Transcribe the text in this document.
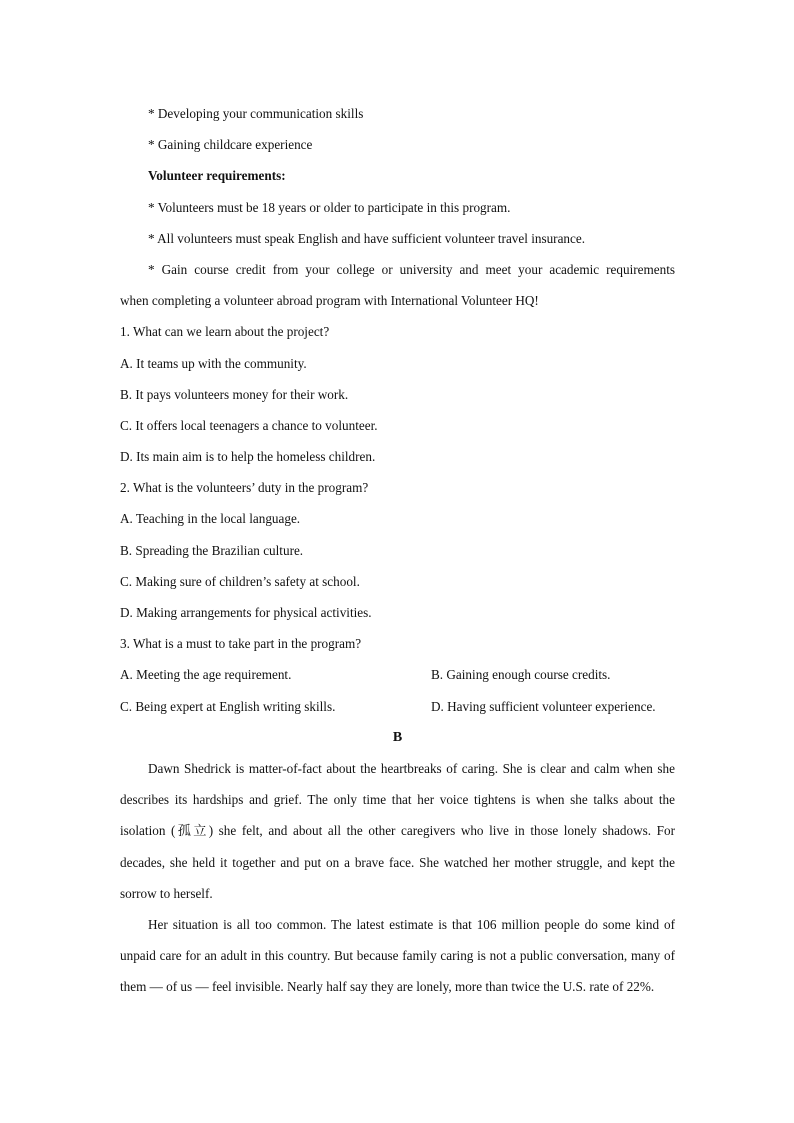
* Developing your communication skills
* Gaining childcare experience
Volunteer requirements:
* Volunteers must be 18 years or older to participate in this program.
* All volunteers must speak English and have sufficient volunteer travel insurance.
* Gain course credit from your college or university and meet your academic requirements
when completing a volunteer abroad program with International Volunteer HQ!
1. What can we learn about the project?
A. It teams up with the community.
B. It pays volunteers money for their work.
C. It offers local teenagers a chance to volunteer.
D. Its main aim is to help the homeless children.
2. What is the volunteers’ duty in the program?
A. Teaching in the local language.
B. Spreading the Brazilian culture.
C. Making sure of children’s safety at school.
D. Making arrangements for physical activities.
3. What is a must to take part in the program?
A. Meeting the age requirement.	B. Gaining enough course credits.
C. Being expert at English writing skills.	D. Having sufficient volunteer experience.
B

Dawn Shedrick is matter-of-fact about the heartbreaks of caring. She is clear and calm when she describes its hardships and grief. The only time that her voice tightens is when she talks about the isolation (孤立) she felt, and about all the other caregivers who live in those lonely shadows. For decades, she held it together and put on a brave face. She watched her mother struggle, and kept the sorrow to herself.

Her situation is all too common. The latest estimate is that 106 million people do some kind of unpaid care for an adult in this country. But because family caring is not a public conversation, many of them — of us — feel invisible. Nearly half say they are lonely, more than twice the U.S. rate of 22%.
